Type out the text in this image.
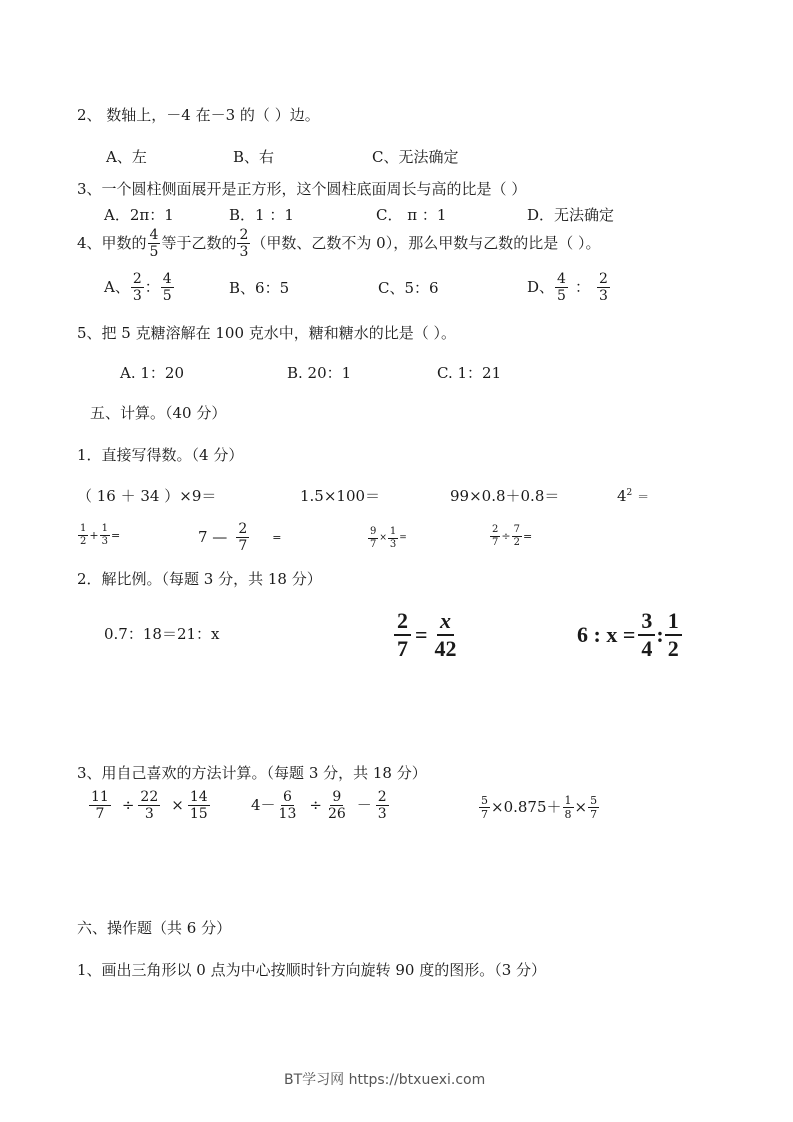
2、 数轴上，－4 在－3 的（ ）边。
A、左	B、右	C、无法确定
3、一个圆柱侧面展开是正方形，这个圆柱底面周长与高的比是（ ）
A．2π：1	B．1 ：1	C． π ：1	D．无法确定
4、甲数的 $\frac{4}{5}$ 等于乙数的 $\frac{2}{3}$ （甲数、乙数不为 0），那么甲数与乙数的比是（ ）。
A、 $\frac{2}{3}$ ： $\frac{4}{5}$	B、6：5	C、5：6	D、 $\frac{4}{5}$ ： $\frac{2}{3}$
5、把 5 克糖溶解在 100 克水中，糖和糖水的比是（ ）。
A. 1：20	B. 20：1	C. 1：21
五、计算。（40 分）
1．直接写得数。（4 分）
（ 16 ＋ 34 ）×9＝	1.5×100＝	99×0.8＋0.8＝	$4^2$ ＝
$\frac{1}{2} + \frac{1}{3}$ =	7 — $\frac{2}{7}$ =	$\frac{9}{7} \times \frac{1}{3}$ =	$\frac{2}{7} \div \frac{7}{2}$ =
2．解比例。（每题 3 分，共 18 分）
0.7：18＝21：x	$\frac{2}{7} = \frac{x}{42}$	6 : $x = \frac{3}{4}$ : $\frac{1}{2}$
3、用自己喜欢的方法计算。（每题 3 分，共 18 分）
$\frac{11}{7} \div \frac{22}{3} \times \frac{14}{15}$	$4- \frac{6}{13} \div \frac{9}{26} - \frac{2}{3}$	$\frac{5}{7} \times 0.875+ \frac{1}{8} \times \frac{5}{7}$
六、操作题（共 6 分）
1、画出三角形以 0 点为中心按顺时针方向旋转 90 度的图形。（3 分）
BT学习网 https://btxuexi.com
